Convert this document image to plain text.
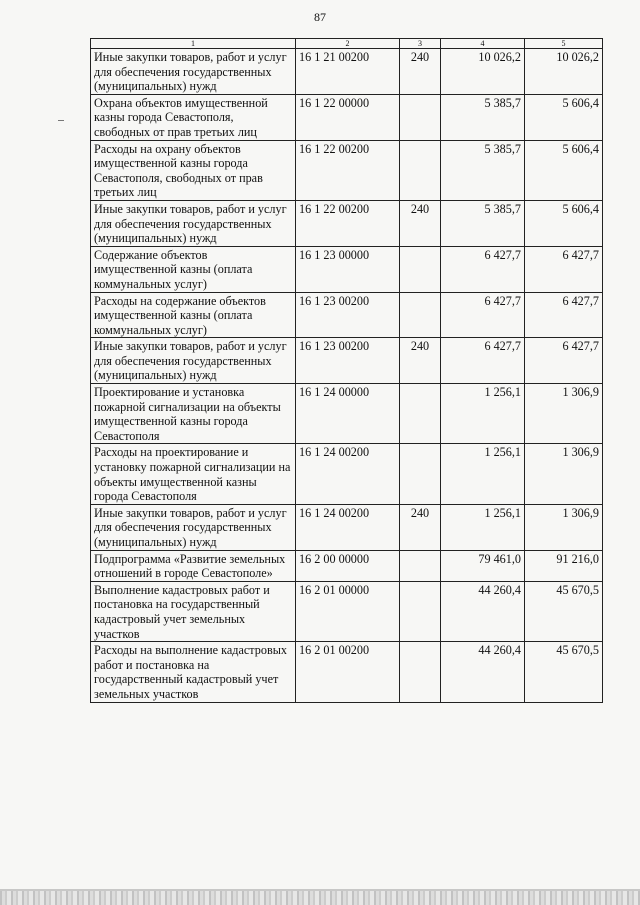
87
1	2	3	4	5
Иные закупки товаров, работ и услуг для обеспечения государственных (муниципальных) нужд	16 1 21 00200	240	10 026,2	10 026,2
Охрана объектов имущественной казны города Севастополя, свободных от прав третьих лиц	16 1 22 00000		5 385,7	5 606,4
Расходы на охрану объектов имущественной казны города Севастополя, свободных от прав третьих лиц	16 1 22 00200		5 385,7	5 606,4
Иные закупки товаров, работ и услуг для обеспечения государственных (муниципальных) нужд	16 1 22 00200	240	5 385,7	5 606,4
Содержание объектов имущественной казны (оплата коммунальных услуг)	16 1 23 00000		6 427,7	6 427,7
Расходы на содержание объектов имущественной казны (оплата коммунальных услуг)	16 1 23 00200		6 427,7	6 427,7
Иные закупки товаров, работ и услуг для обеспечения государственных (муниципальных) нужд	16 1 23 00200	240	6 427,7	6 427,7
Проектирование и установка пожарной сигнализации на объекты имущественной казны города Севастополя	16 1 24 00000		1 256,1	1 306,9
Расходы на проектирование и установку пожарной сигнализации на объекты имущественной казны города Севастополя	16 1 24 00200		1 256,1	1 306,9
Иные закупки товаров, работ и услуг для обеспечения государственных (муниципальных) нужд	16 1 24 00200	240	1 256,1	1 306,9
Подпрограмма «Развитие земельных отношений в городе Севастополе»	16 2 00 00000		79 461,0	91 216,0
Выполнение кадастровых работ и постановка на государственный кадастровый учет земельных участков	16 2 01 00000		44 260,4	45 670,5
Расходы на выполнение кадастровых работ и постановка на государственный кадастровый учет земельных участков	16 2 01 00200		44 260,4	45 670,5
